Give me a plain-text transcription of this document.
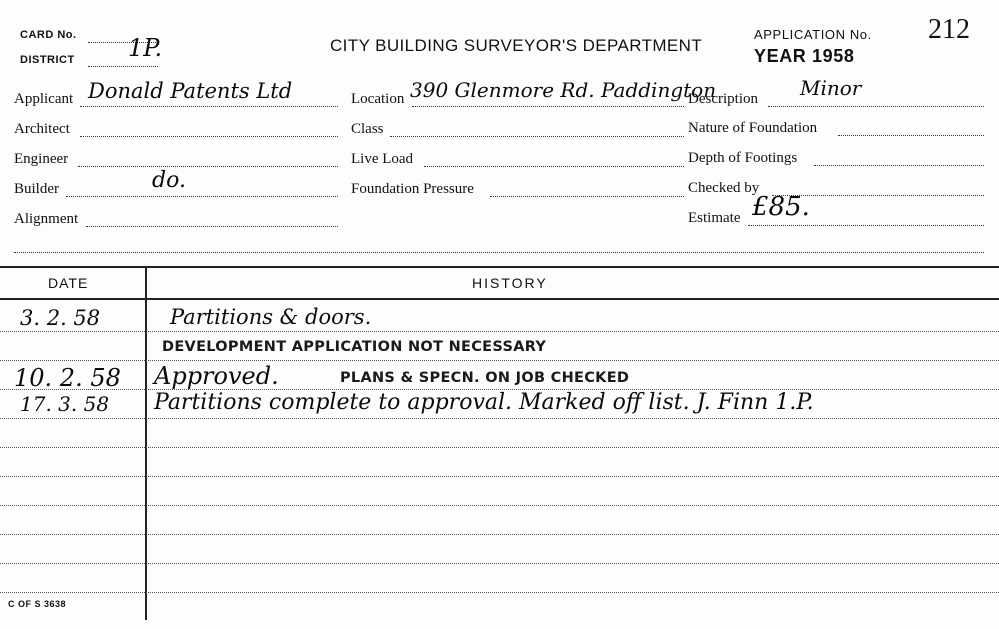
CARD No.
DISTRICT 1P.	CITY BUILDING SURVEYOR'S DEPARTMENT
APPLICATION No. 212
YEAR 1958
Applicant Donald Patents Ltd
Architect
Engineer
Builder	do.
Alignment
Location 390 Glenmore Rd. Paddington
Class
Live Load
Foundation Pressure
Description Minor
Nature of Foundation
Depth of Footings
Checked by
Estimate £85.
DATE	HISTORY
3. 2. 58	Partitions & doors.
DEVELOPMENT APPLICATION NOT NECESSARY
10. 2. 58 Approved.	PLANS & SPECN. ON JOB CHECKED
17. 3. 58 Partitions complete to approval. Marked off list. J. Finn 1.P.
C OF S 3638
